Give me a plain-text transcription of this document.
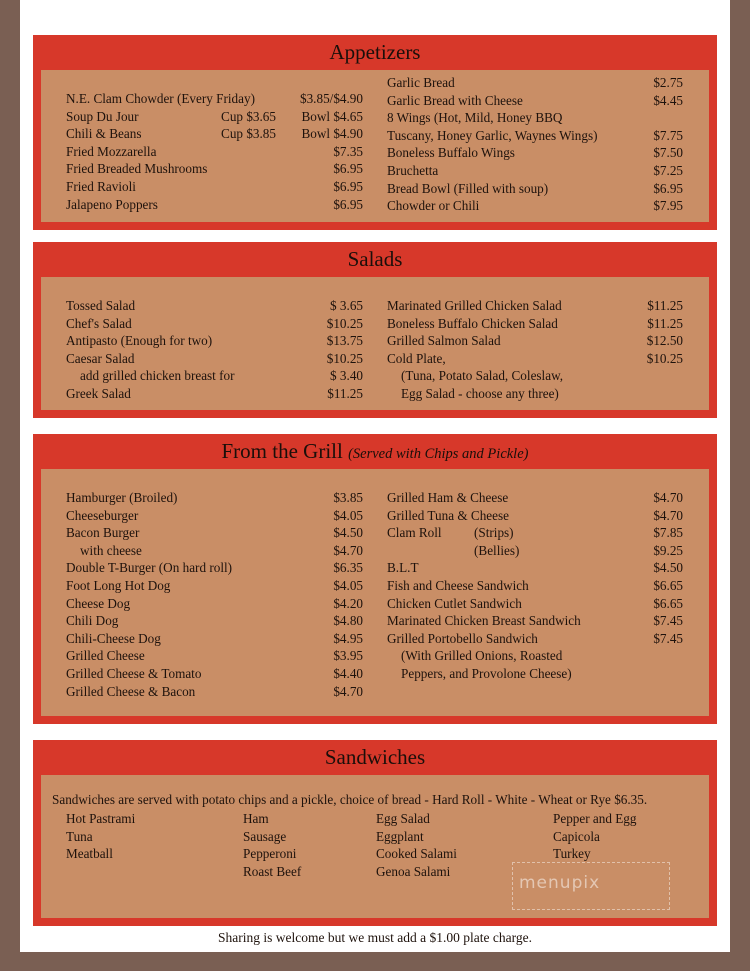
Appetizers
Salads
From the Grill (Served with Chips and Pickle)
Sandwiches
Sandwiches are served with potato chips and a pickle, choice of bread - Hard Roll - White - Wheat or Rye $6.35.
menupix
Sharing is welcome but we must add a $1.00 plate charge.
N.E. Clam Chowder (Every Friday)	$3.85/$4.90
Soup Du Jour	Cup $3.65 Bowl $4.65
Chili & Beans	Cup $3.85 Bowl $4.90
Fried Mozzarella	$7.35
Fried Breaded Mushrooms	$6.95
Fried Ravioli	$6.95
Jalapeno Poppers	$6.95
Garlic Bread	$2.75
Garlic Bread with Cheese	$4.45
8 Wings (Hot, Mild, Honey BBQ
Tuscany, Honey Garlic, Waynes Wings)	$7.75
Boneless Buffalo Wings	$7.50
Bruchetta	$7.25
Bread Bowl (Filled with soup)	$6.95
Chowder or Chili	$7.95
Tossed Salad	$ 3.65
Chef's Salad	$10.25
Antipasto (Enough for two)	$13.75
Caesar Salad	$10.25
add grilled chicken breast for	$ 3.40
Greek Salad	$11.25
Marinated Grilled Chicken Salad	$11.25
Boneless Buffalo Chicken Salad	$11.25
Grilled Salmon Salad	$12.50
Cold Plate,	$10.25
(Tuna, Potato Salad, Coleslaw,
Egg Salad - choose any three)
Hamburger (Broiled)	$3.85
Cheeseburger	$4.05
Bacon Burger	$4.50
with cheese	$4.70
Double T-Burger (On hard roll)	$6.35
Foot Long Hot Dog	$4.05
Cheese Dog	$4.20
Chili Dog	$4.80
Chili-Cheese Dog	$4.95
Grilled Cheese	$3.95
Grilled Cheese & Tomato	$4.40
Grilled Cheese & Bacon	$4.70
Grilled Ham & Cheese	$4.70
Grilled Tuna & Cheese	$4.70
Clam Roll (Strips)	$7.85
(Bellies)	$9.25
B.L.T	$4.50
Fish and Cheese Sandwich	$6.65
Chicken Cutlet Sandwich	$6.65
Marinated Chicken Breast Sandwich	$7.45
Grilled Portobello Sandwich	$7.45
(With Grilled Onions, Roasted
Peppers, and Provolone Cheese)
Hot Pastrami
Tuna
Meatball
Ham
Sausage
Pepperoni
Roast Beef
Egg Salad
Eggplant
Cooked Salami
Genoa Salami
Pepper and Egg
Capicola
Turkey
